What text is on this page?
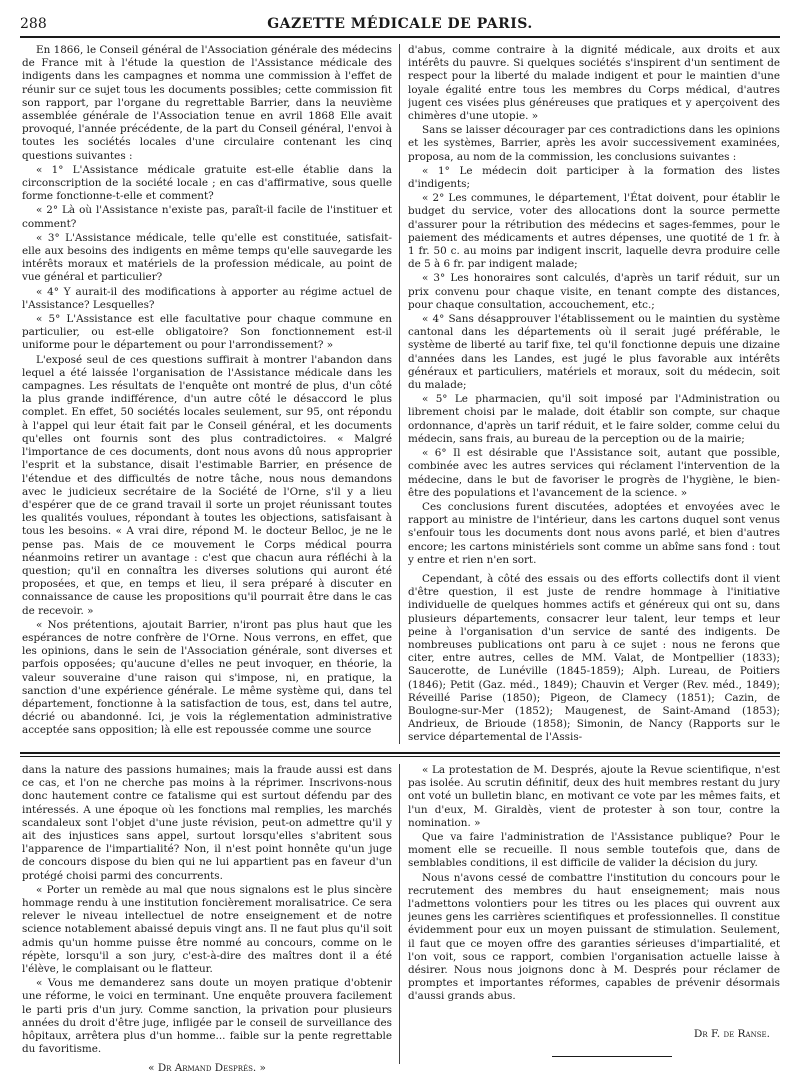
288	GAZETTE MÉDICALE DE PARIS.

En 1866, le Conseil général de l'Association générale des médecins de France mit à l'étude la question de l'Assistance médicale des indigents dans les campagnes et nomma une commission à l'effet de réunir sur ce sujet tous les documents possibles; cette commission fit son rapport, par l'organe du regrettable Barrier, dans la neuvième assemblée générale de l'Association tenue en avril 1868 Elle avait provoqué, l'année précédente, de la part du Conseil général, l'envoi à toutes les sociétés locales d'une circulaire contenant les cinq questions suivantes :

« 1° L'Assistance médicale gratuite est-elle établie dans la circonscription de la société locale ; en cas d'affirmative, sous quelle forme fonctionne-t-elle et comment?

« 2° Là où l'Assistance n'existe pas, paraît-il facile de l'instituer et comment?

« 3° L'Assistance médicale, telle qu'elle est constituée, satisfait-elle aux besoins des indigents en même temps qu'elle sauvegarde les intérêts moraux et matériels de la profession médicale, au point de vue général et particulier?

« 4° Y aurait-il des modifications à apporter au régime actuel de l'Assistance? Lesquelles?

« 5° L'Assistance est elle facultative pour chaque commune en particulier, ou est-elle obligatoire? Son fonctionnement est-il uniforme pour le département ou pour l'arrondissement? »

L'exposé seul de ces questions suffirait à montrer l'abandon dans lequel a été laissée l'organisation de l'Assistance médicale dans les campagnes. Les résultats de l'enquête ont montré de plus, d'un côté la plus grande indifférence, d'un autre côté le désaccord le plus complet. En effet, 50 sociétés locales seulement, sur 95, ont répondu à l'appel qui leur était fait par le Conseil général, et les documents qu'elles ont fournis sont des plus contradictoires. « Malgré l'importance de ces documents, dont nous avons dû nous approprier l'esprit et la substance, disait l'estimable Barrier, en présence de l'étendue et des difficultés de notre tâche, nous nous demandons avec le judicieux secrétaire de la Société de l'Orne, s'il y a lieu d'espérer que de ce grand travail il sorte un projet réunissant toutes les qualités voulues, répondant à toutes les objections, satisfaisant à tous les besoins. « A vrai dire, répond M. le docteur Belloc, je ne le pense pas. Mais de ce mouvement le Corps médical pourra néanmoins retirer un avantage : c'est que chacun aura réfléchi à la question; qu'il en connaîtra les diverses solutions qui auront été proposées, et que, en temps et lieu, il sera préparé à discuter en connaissance de cause les propositions qu'il pourrait être dans le cas de recevoir. »

« Nos prétentions, ajoutait Barrier, n'iront pas plus haut que les espérances de notre confrère de l'Orne. Nous verrons, en effet, que les opinions, dans le sein de l'Association générale, sont diverses et parfois opposées; qu'aucune d'elles ne peut invoquer, en théorie, la valeur souveraine d'une raison qui s'impose, ni, en pratique, la sanction d'une expérience générale. Le même système qui, dans tel département, fonctionne à la satisfaction de tous, est, dans tel autre, décrié ou abandonné. Ici, je vois la réglementation administrative acceptée sans opposition; là elle est repoussée comme une source

d'abus, comme contraire à la dignité médicale, aux droits et aux intérêts du pauvre. Si quelques sociétés s'inspirent d'un sentiment de respect pour la liberté du malade indigent et pour le maintien d'une loyale égalité entre tous les membres du Corps médical, d'autres jugent ces visées plus généreuses que pratiques et y aperçoivent des chimères d'une utopie. »

Sans se laisser décourager par ces contradictions dans les opinions et les systèmes, Barrier, après les avoir successivement examinées, proposa, au nom de la commission, les conclusions suivantes :

« 1° Le médecin doit participer à la formation des listes d'indigents;

« 2° Les communes, le département, l'État doivent, pour établir le budget du service, voter des allocations dont la source permette d'assurer pour la rétribution des médecins et sages-femmes, pour le paiement des médicaments et autres dépenses, une quotité de 1 fr. à 1 fr. 50 c. au moins par indigent inscrit, laquelle devra produire celle de 5 à 6 fr. par indigent malade;

« 3° Les honoraires sont calculés, d'après un tarif réduit, sur un prix convenu pour chaque visite, en tenant compte des distances, pour chaque consultation, accouchement, etc.;

« 4° Sans désapprouver l'établissement ou le maintien du système cantonal dans les départements où il serait jugé préférable, le système de liberté au tarif fixe, tel qu'il fonctionne depuis une dizaine d'années dans les Landes, est jugé le plus favorable aux intérêts généraux et particuliers, matériels et moraux, soit du médecin, soit du malade;

« 5° Le pharmacien, qu'il soit imposé par l'Administration ou librement choisi par le malade, doit établir son compte, sur chaque ordonnance, d'après un tarif réduit, et le faire solder, comme celui du médecin, sans frais, au bureau de la perception ou de la mairie;

« 6° Il est désirable que l'Assistance soit, autant que possible, combinée avec les autres services qui réclament l'intervention de la médecine, dans le but de favoriser le progrès de l'hygiène, le bien-être des populations et l'avancement de la science. »

Ces conclusions furent discutées, adoptées et envoyées avec le rapport au ministre de l'intérieur, dans les cartons duquel sont venus s'enfouir tous les documents dont nous avons parlé, et bien d'autres encore; les cartons ministériels sont comme un abîme sans fond : tout y entre et rien n'en sort.

Cependant, à côté des essais ou des efforts collectifs dont il vient d'être question, il est juste de rendre hommage à l'initiative individuelle de quelques hommes actifs et généreux qui ont su, dans plusieurs départements, consacrer leur talent, leur temps et leur peine à l'organisation d'un service de santé des indigents. De nombreuses publications ont paru à ce sujet : nous ne ferons que citer, entre autres, celles de MM. Valat, de Montpellier (1833); Saucerotte, de Lunéville (1845-1859); Alph. Lureau, de Poitiers (1846); Petit (Gaz. méd., 1849); Chauvin et Verger (Rev. méd., 1849); Réveillé Parise (1850); Pigeon, de Clamecy (1851); Cazin, de Boulogne-sur-Mer (1852); Maugenest, de Saint-Amand (1853); Andrieux, de Brioude (1858); Simonin, de Nancy (Rapports sur le service départemental de l'Assis-

dans la nature des passions humaines; mais la fraude aussi est dans ce cas, et l'on ne cherche pas moins à la réprimer. Inscrivons-nous donc hautement contre ce fatalisme qui est surtout défendu par des intéressés. A une époque où les fonctions mal remplies, les marchés scandaleux sont l'objet d'une juste révision, peut-on admettre qu'il y ait des injustices sans appel, surtout lorsqu'elles s'abritent sous l'apparence de l'impartialité? Non, il n'est point honnête qu'un juge de concours dispose du bien qui ne lui appartient pas en faveur d'un protégé choisi parmi des concurrents.

« Porter un remède au mal que nous signalons est le plus sincère hommage rendu à une institution foncièrement moralisatrice. Ce sera relever le niveau intellectuel de notre enseignement et de notre science notablement abaissé depuis vingt ans. Il ne faut plus qu'il soit admis qu'un homme puisse être nommé au concours, comme on le répète, lorsqu'il a son jury, c'est-à-dire des maîtres dont il a été l'élève, le complaisant ou le flatteur.

« Vous me demanderez sans doute un moyen pratique d'obtenir une réforme, le voici en terminant. Une enquête prouvera facilement le parti pris d'un jury. Comme sanction, la privation pour plusieurs années du droit d'être juge, infligée par le conseil de surveillance des hôpitaux, arrêtera plus d'un homme... faible sur la pente regrettable du favoritisme.

« Dr Armand Després. »

« La protestation de M. Després, ajoute la Revue scientifique, n'est pas isolée. Au scrutin définitif, deux des huit membres restant du jury ont voté un bulletin blanc, en motivant ce vote par les mêmes faits, et l'un d'eux, M. Giraldès, vient de protester à son tour, contre la nomination. »

Que va faire l'administration de l'Assistance publique? Pour le moment elle se recueille. Il nous semble toutefois que, dans de semblables conditions, il est difficile de valider la décision du jury.

Nous n'avons cessé de combattre l'institution du concours pour le recrutement des membres du haut enseignement; mais nous l'admettons volontiers pour les titres ou les places qui ouvrent aux jeunes gens les carrières scientifiques et professionnelles. Il constitue évidemment pour eux un moyen puissant de stimulation. Seulement, il faut que ce moyen offre des garanties sérieuses d'impartialité, et l'on voit, sous ce rapport, combien l'organisation actuelle laisse à désirer. Nous nous joignons donc à M. Després pour réclamer de promptes et importantes réformes, capables de prévenir désormais d'aussi grands abus.

Dr F. de Ranse.
